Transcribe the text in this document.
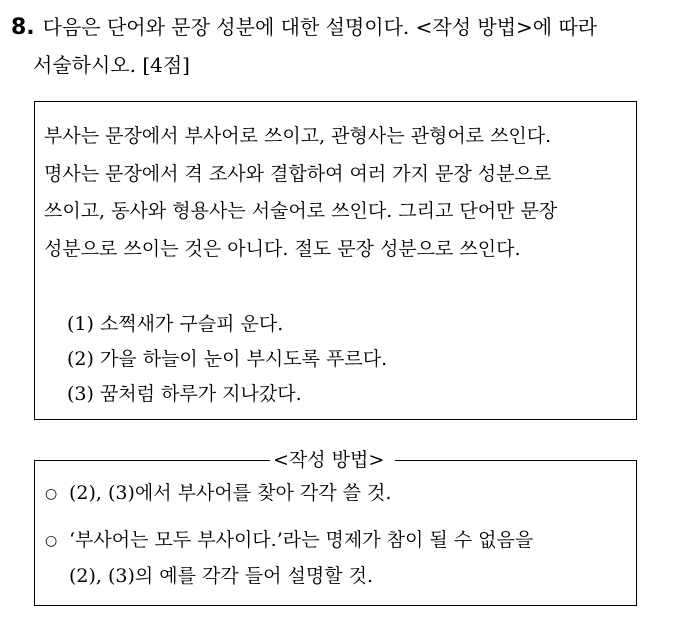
8. 다음은 단어와 문장 성분에 대한 설명이다. <작성 방법>에 따라
서술하시오. [4점]
부사는 문장에서 부사어로 쓰이고, 관형사는 관형어로 쓰인다.
명사는 문장에서 격 조사와 결합하여 여러 가지 문장 성분으로
쓰이고, 동사와 형용사는 서술어로 쓰인다. 그리고 단어만 문장
성분으로 쓰이는 것은 아니다. 절도 문장 성분으로 쓰인다.
(1) 소쩍새가 구슬피 운다.
(2) 가을 하늘이 눈이 부시도록 푸르다.
(3) 꿈처럼 하루가 지나갔다.
<작성 방법>
○ (2), (3)에서 부사어를 찾아 각각 쓸 것.
○ ‘부사어는 모두 부사이다.’라는 명제가 참이 될 수 없음을
(2), (3)의 예를 각각 들어 설명할 것.
